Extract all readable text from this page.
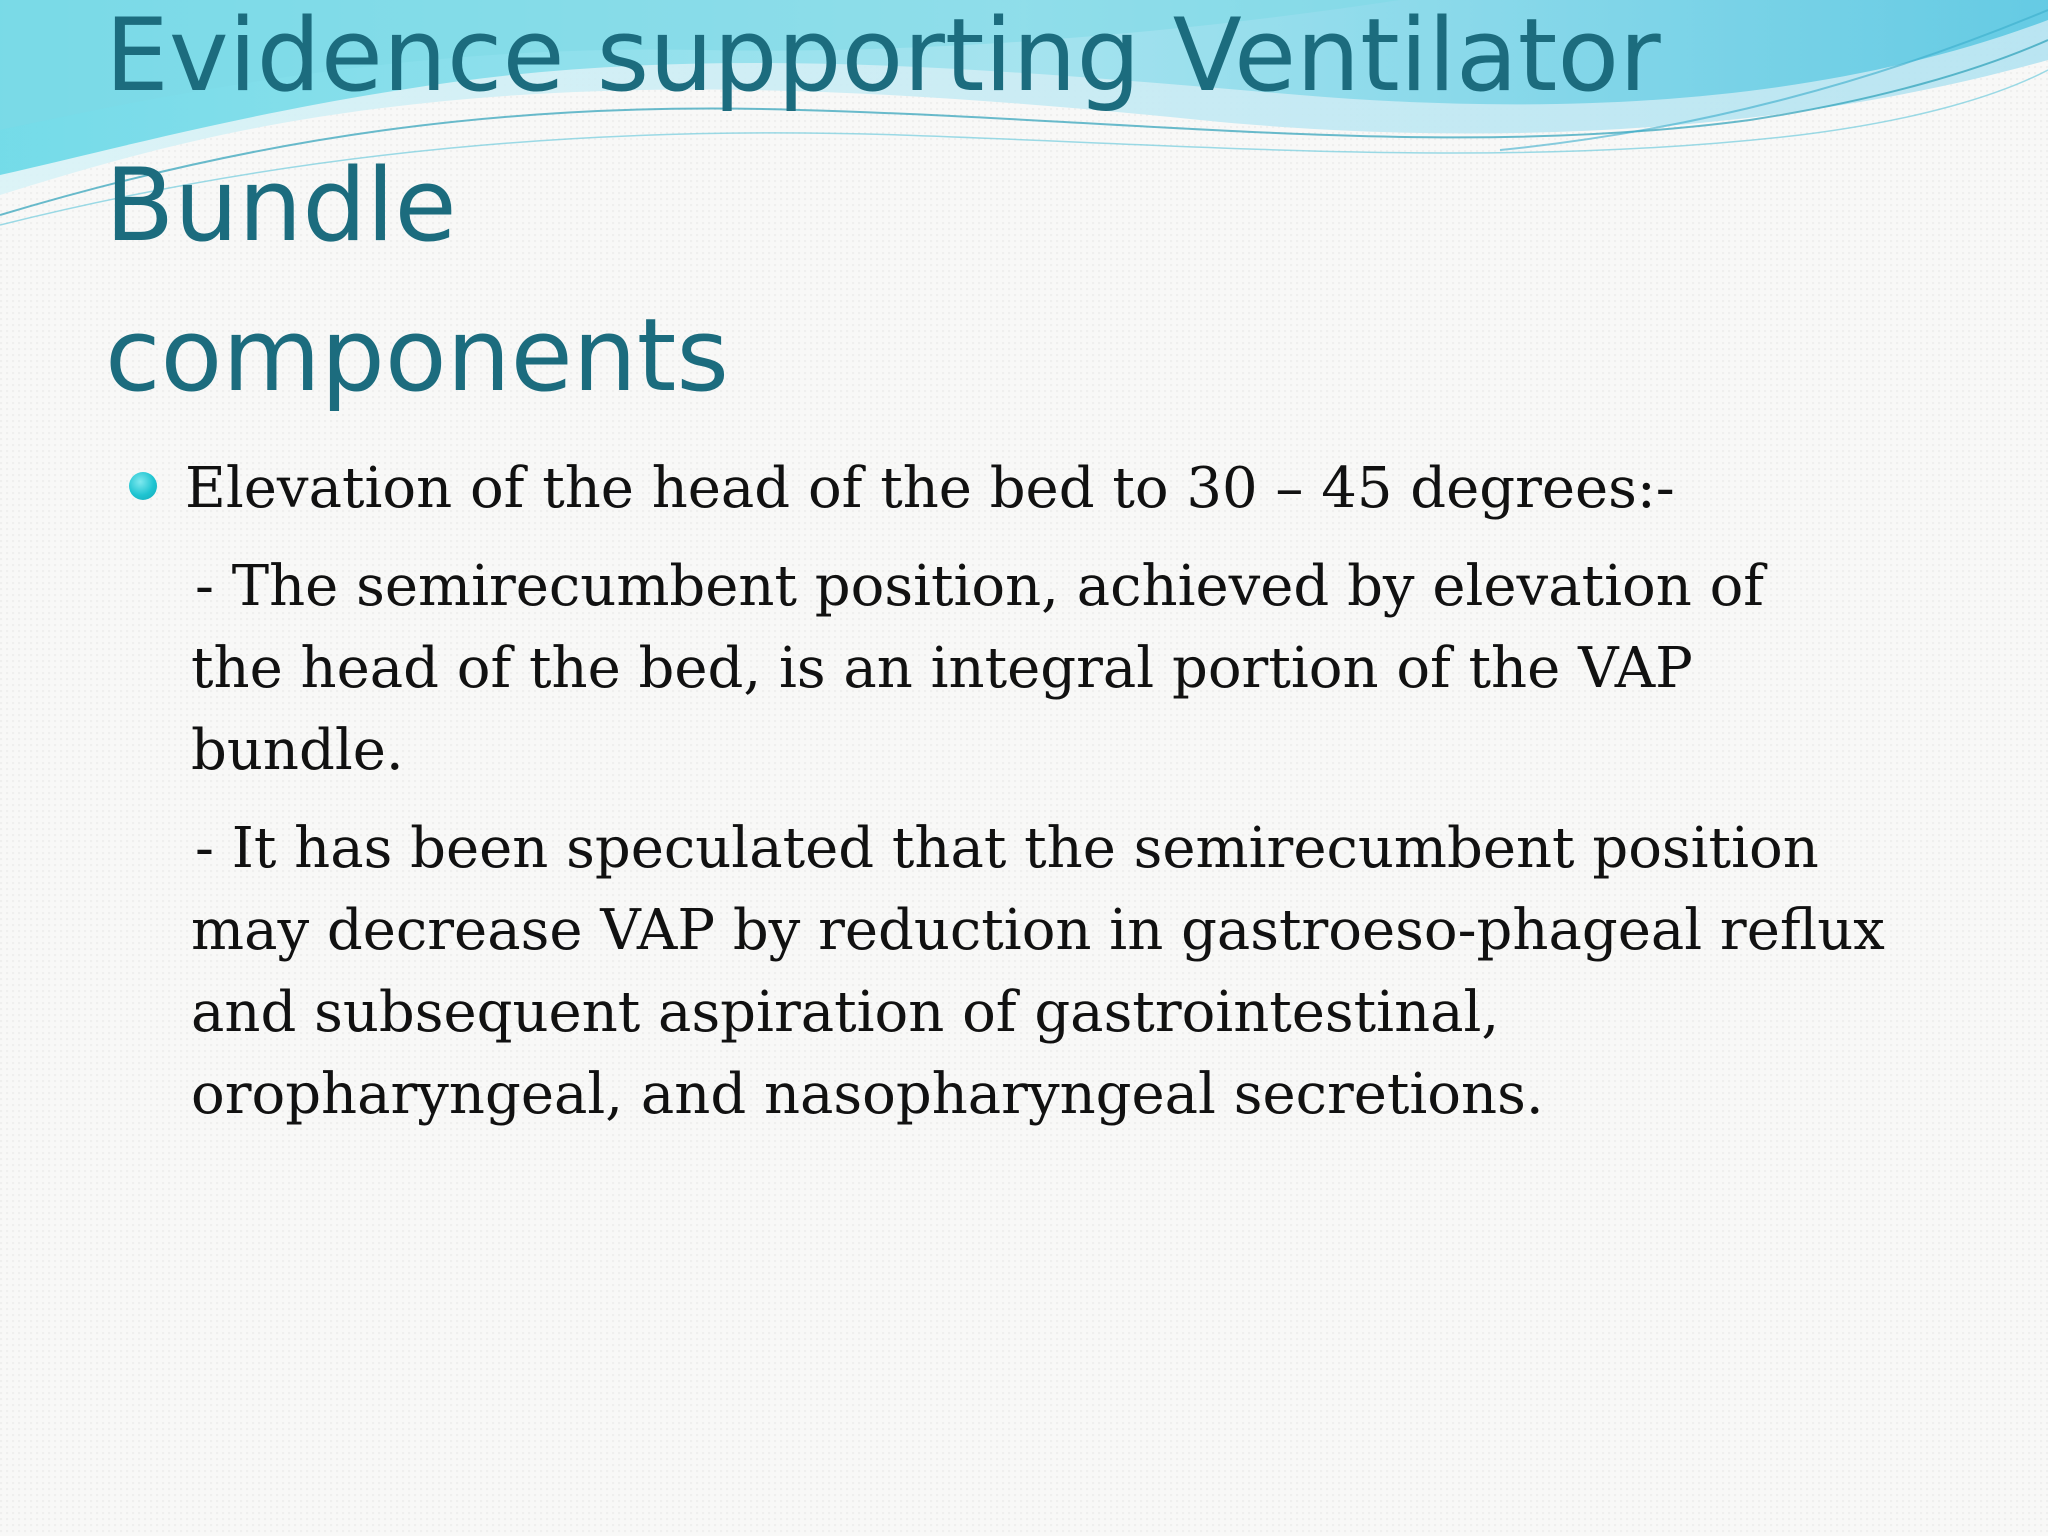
Evidence supporting Ventilator
Bundle
components

Elevation of the head of the bed to 30 – 45 degrees:-

- The semirecumbent position, achieved by elevation of
the head of the bed, is an integral portion of the VAP
bundle.

- It has been speculated that the semirecumbent position
may decrease VAP by reduction in gastroeso-phageal reflux
and subsequent aspiration of gastrointestinal,
oropharyngeal, and nasopharyngeal secretions.
